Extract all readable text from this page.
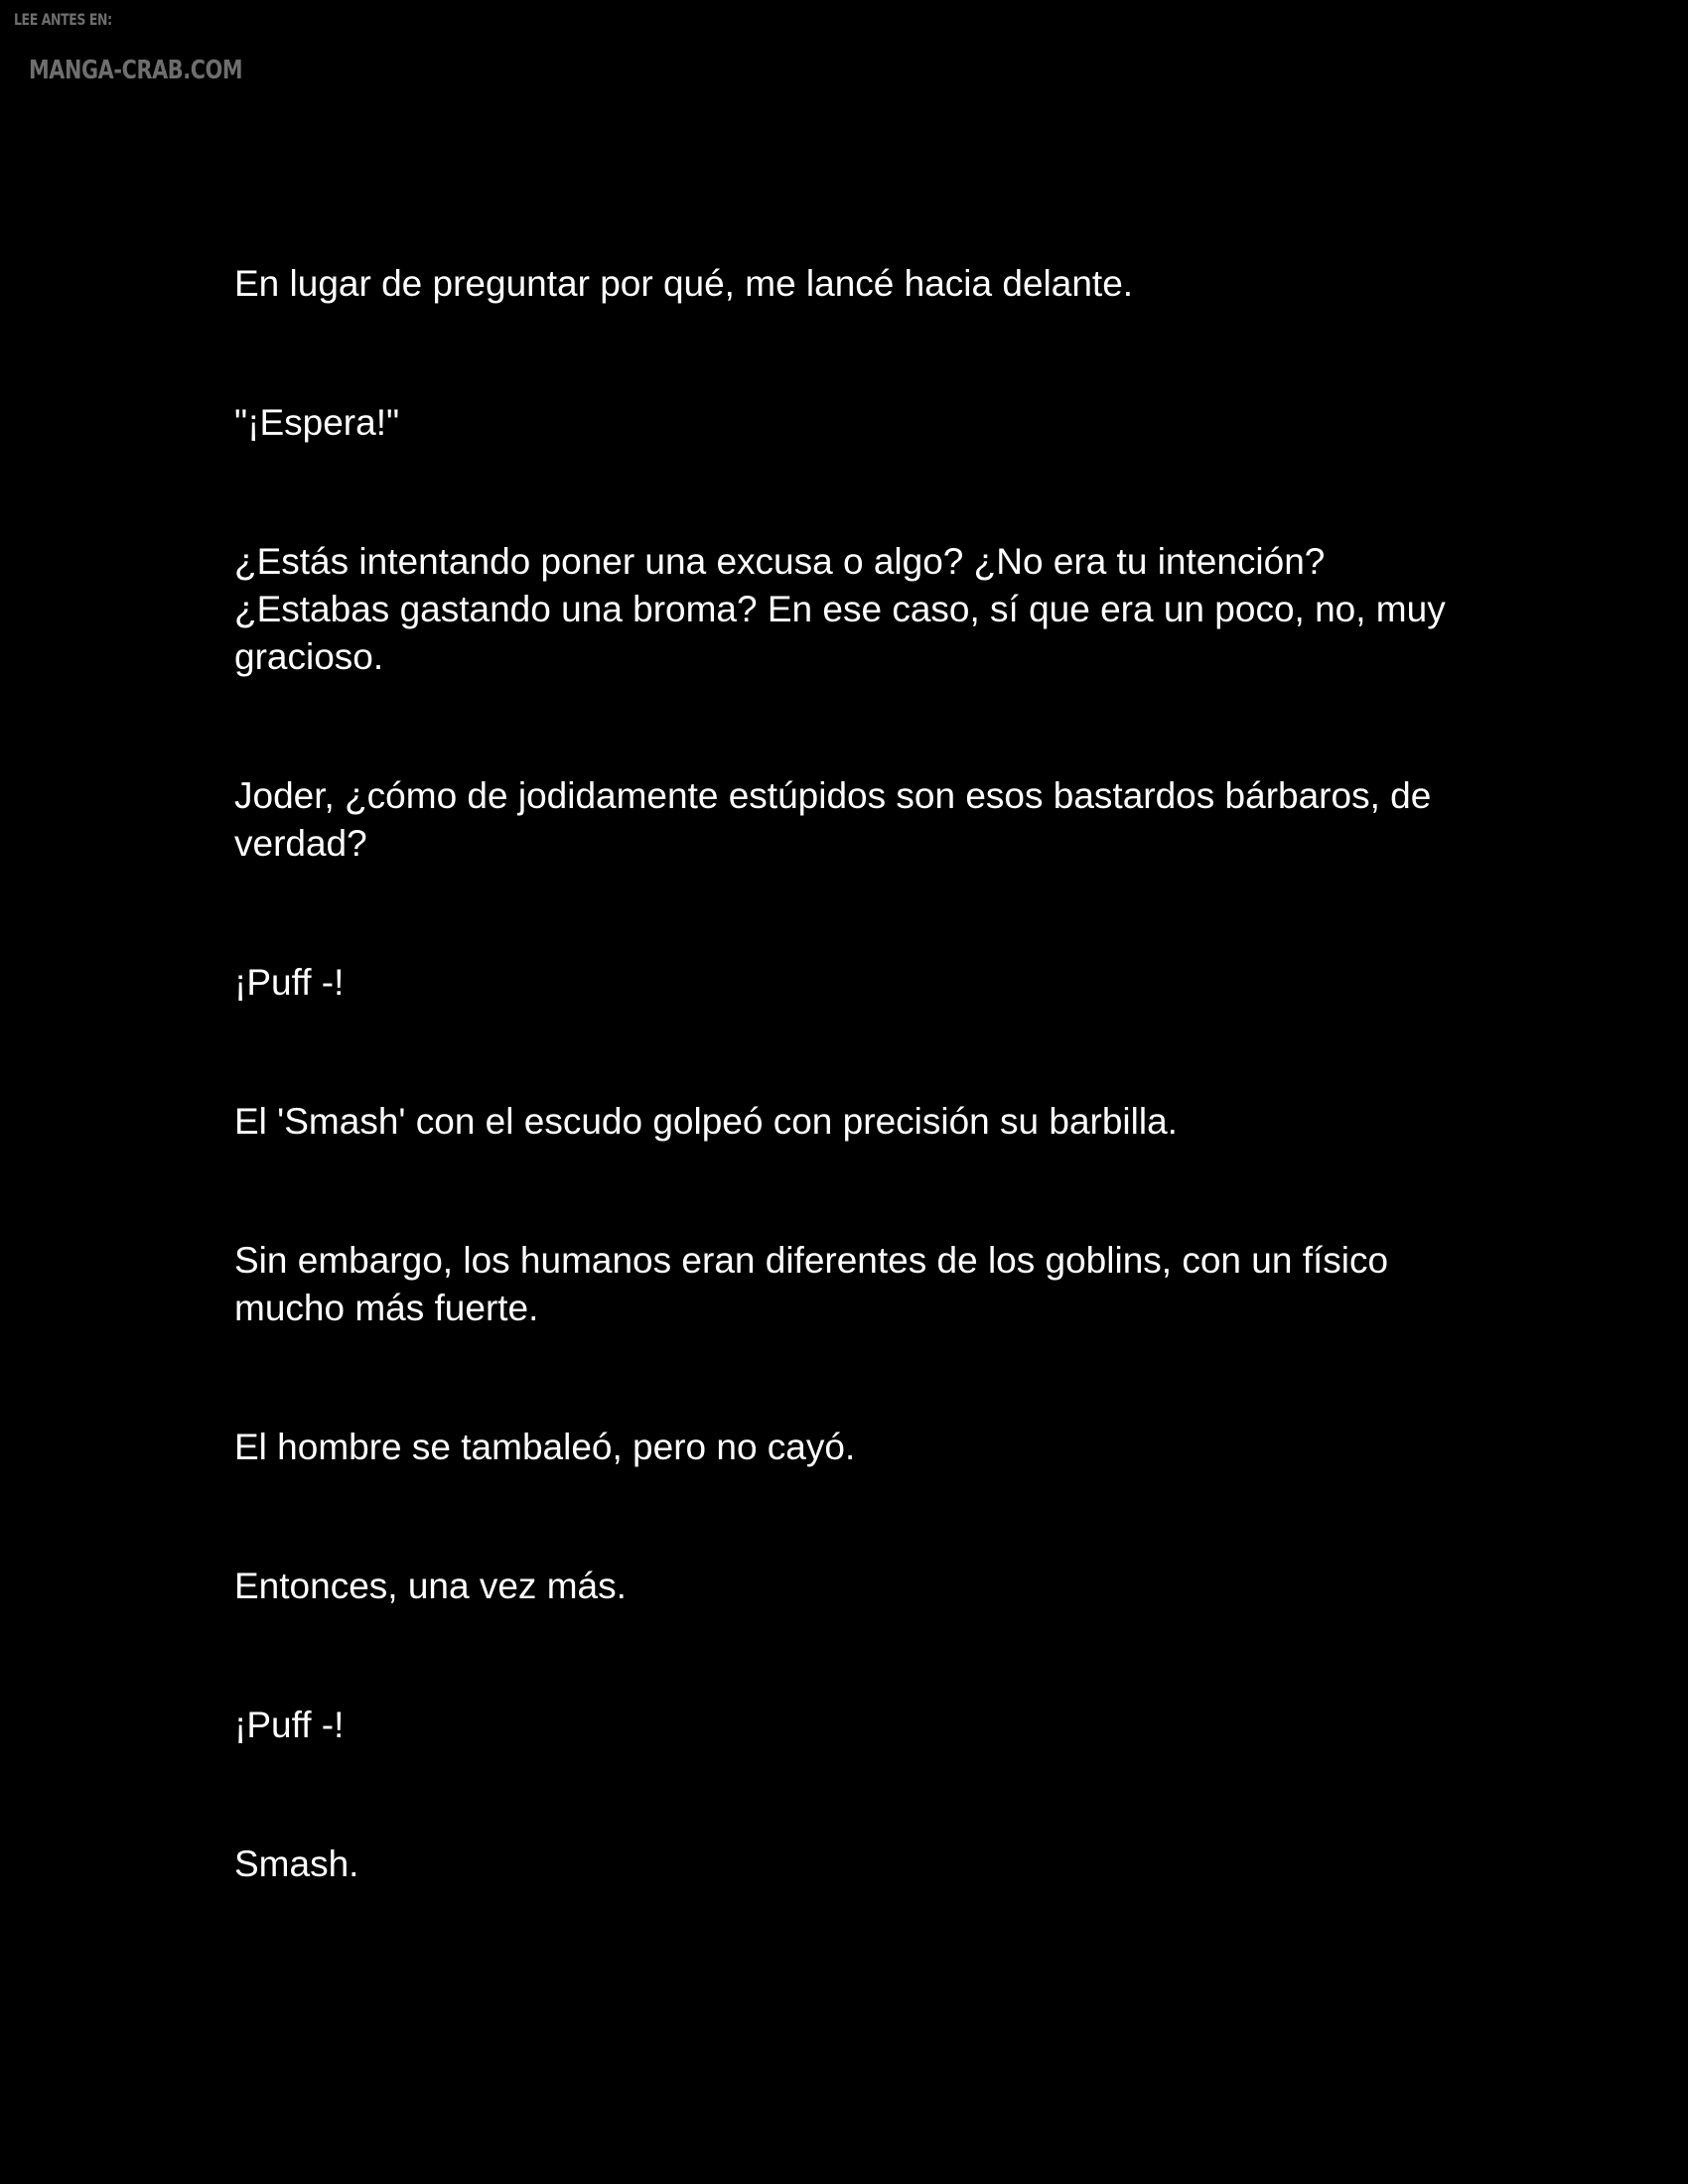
LEE ANTES EN:
MANGA-CRAB.COM

En lugar de preguntar por qué, me lancé hacia delante.

"¡Espera!"

¿Estás intentando poner una excusa o algo? ¿No era tu intención? ¿Estabas gastando una broma? En ese caso, sí que era un poco, no, muy gracioso.

Joder, ¿cómo de jodidamente estúpidos son esos bastardos bárbaros, de verdad?

¡Puff -!

El 'Smash' con el escudo golpeó con precisión su barbilla.

Sin embargo, los humanos eran diferentes de los goblins, con un físico mucho más fuerte.

El hombre se tambaleó, pero no cayó.

Entonces, una vez más.

¡Puff -!

Smash.
